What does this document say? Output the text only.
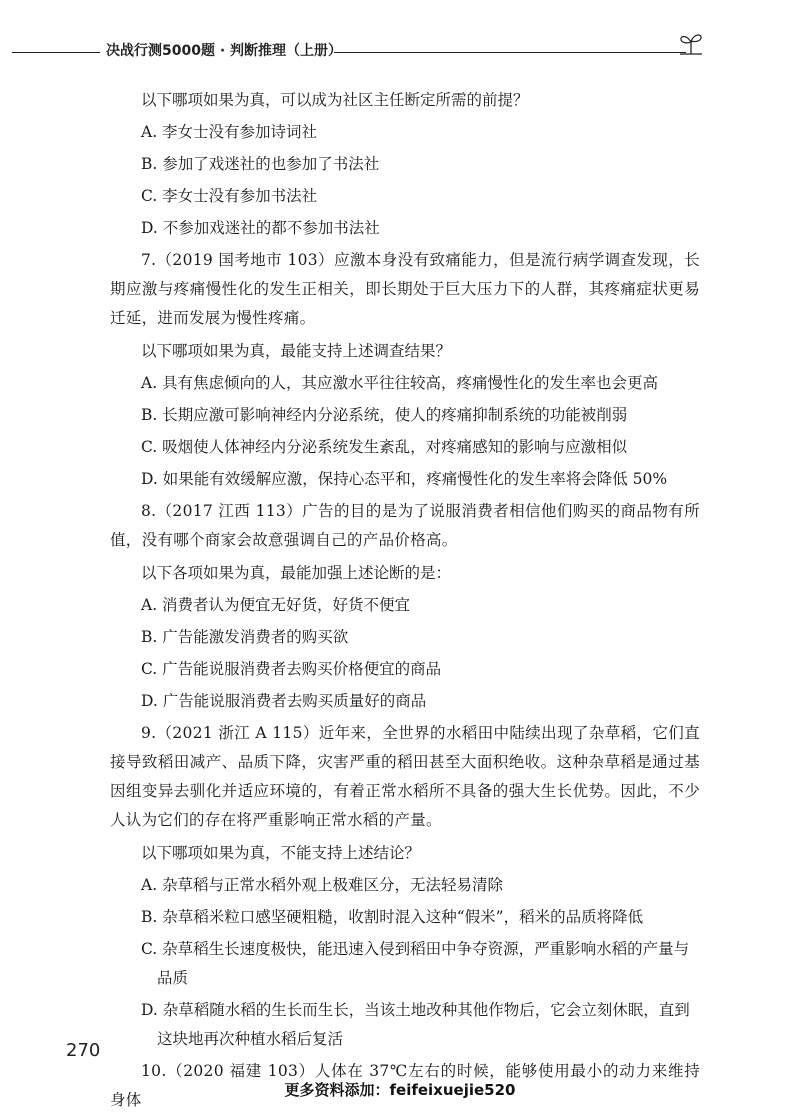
决战行测5000题 · 判断推理（上册）
以下哪项如果为真，可以成为社区主任断定所需的前提？
A. 李女士没有参加诗词社
B. 参加了戏迷社的也参加了书法社
C. 李女士没有参加书法社
D. 不参加戏迷社的都不参加书法社
7.（2019 国考地市 103）应激本身没有致痛能力，但是流行病学调查发现，长期应激与疼痛慢性化的发生正相关，即长期处于巨大压力下的人群，其疼痛症状更易迁延，进而发展为慢性疼痛。
以下哪项如果为真，最能支持上述调查结果？
A. 具有焦虑倾向的人，其应激水平往往较高，疼痛慢性化的发生率也会更高
B. 长期应激可影响神经内分泌系统，使人的疼痛抑制系统的功能被削弱
C. 吸烟使人体神经内分泌系统发生紊乱，对疼痛感知的影响与应激相似
D. 如果能有效缓解应激，保持心态平和，疼痛慢性化的发生率将会降低 50%
8.（2017 江西 113）广告的目的是为了说服消费者相信他们购买的商品物有所值，没有哪个商家会故意强调自己的产品价格高。
以下各项如果为真，最能加强上述论断的是：
A. 消费者认为便宜无好货，好货不便宜
B. 广告能激发消费者的购买欲
C. 广告能说服消费者去购买价格便宜的商品
D. 广告能说服消费者去购买质量好的商品
9.（2021 浙江 A 115）近年来，全世界的水稻田中陆续出现了杂草稻，它们直接导致稻田减产、品质下降，灾害严重的稻田甚至大面积绝收。这种杂草稻是通过基因组变异去驯化并适应环境的，有着正常水稻所不具备的强大生长优势。因此，不少人认为它们的存在将严重影响正常水稻的产量。
以下哪项如果为真，不能支持上述结论？
A. 杂草稻与正常水稻外观上极难区分，无法轻易清除
B. 杂草稻米粒口感坚硬粗糙，收割时混入这种“假米”，稻米的品质将降低
C. 杂草稻生长速度极快，能迅速入侵到稻田中争夺资源，严重影响水稻的产量与品质
D. 杂草稻随水稻的生长而生长，当该土地改种其他作物后，它会立刻休眠，直到这块地再次种植水稻后复活
10.（2020 福建 103）人体在 37℃左右的时候，能够使用最小的动力来维持身体
270
更多资料添加：feifeixuejie520
